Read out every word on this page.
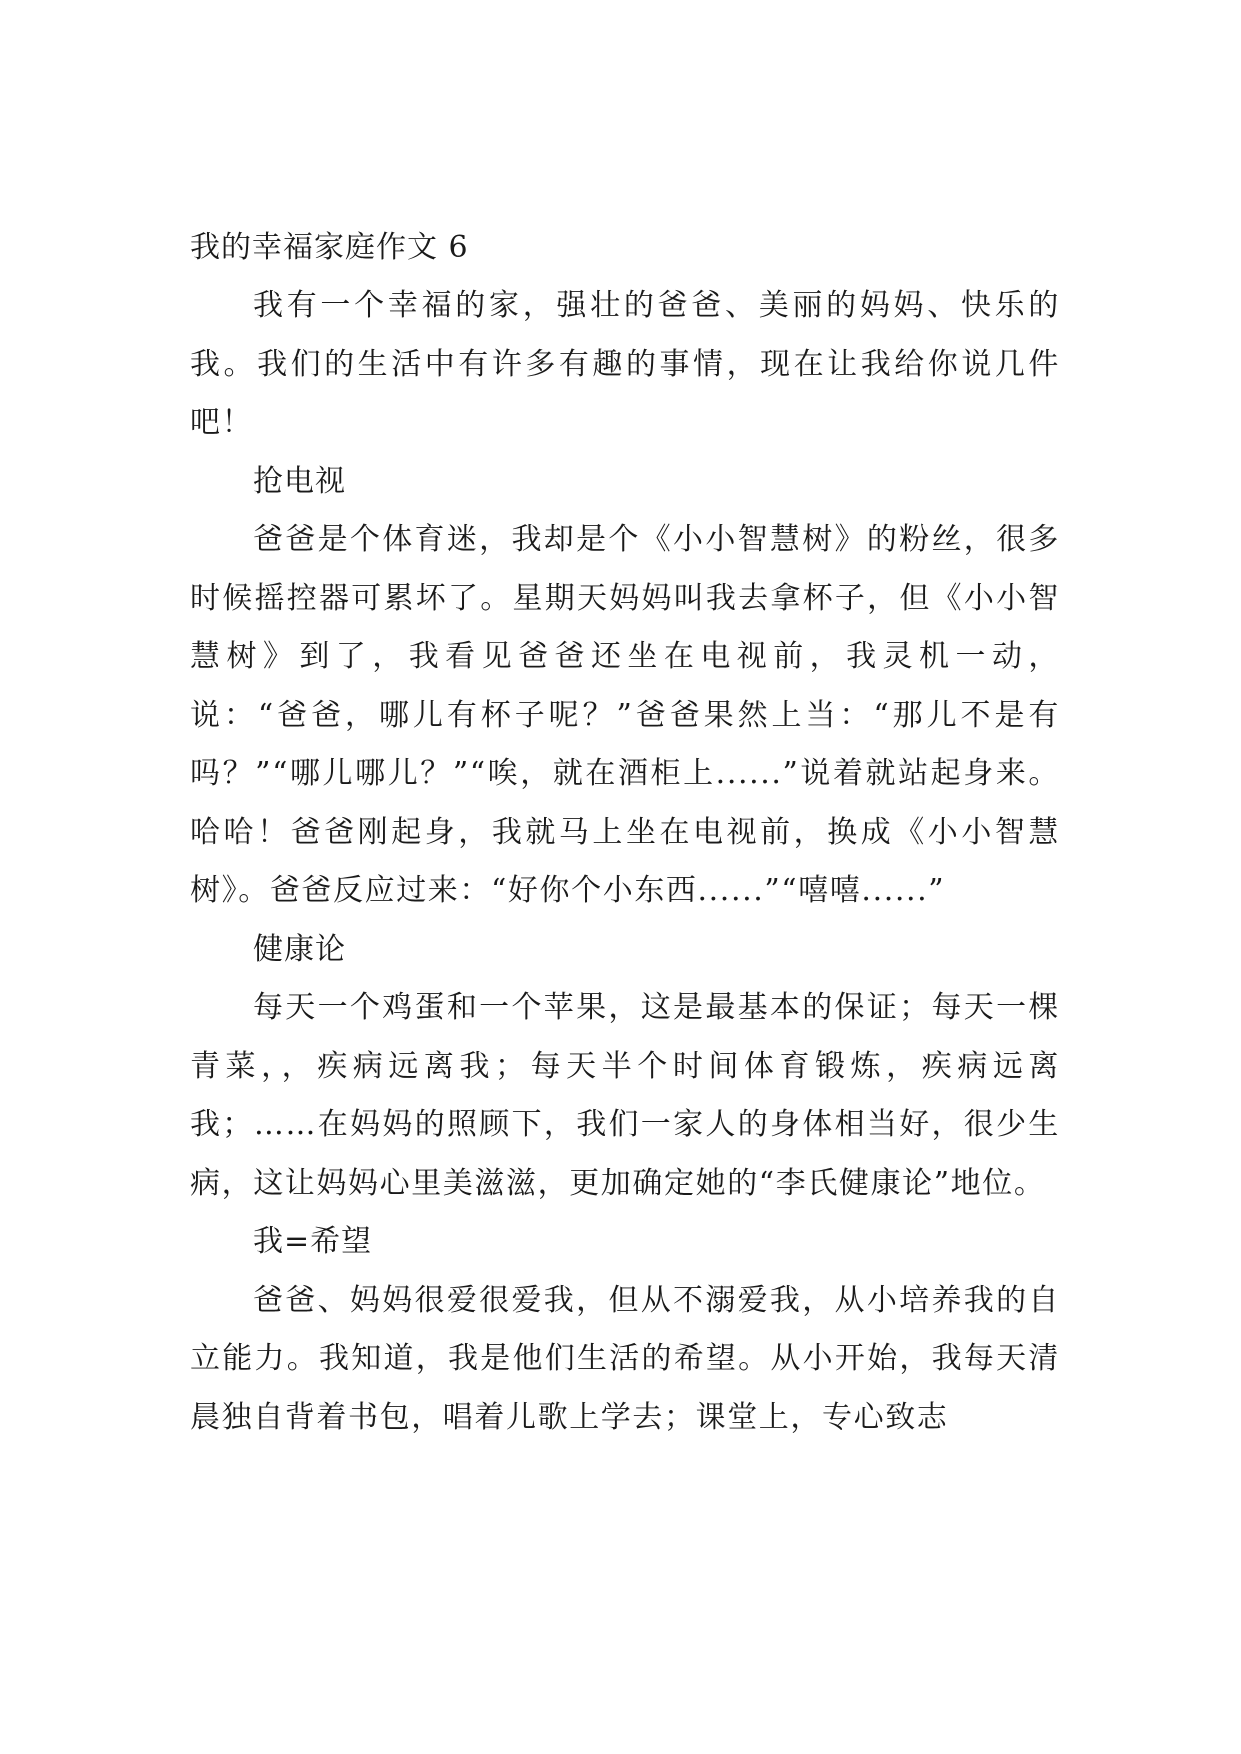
我的幸福家庭作文 6

我有一个幸福的家，强壮的爸爸、美丽的妈妈、快乐的我。我们的生活中有许多有趣的事情，现在让我给你说几件吧！

抢电视

爸爸是个体育迷，我却是个《小小智慧树》的粉丝，很多时候摇控器可累坏了。星期天妈妈叫我去拿杯子，但《小小智慧树》到了，我看见爸爸还坐在电视前，我灵机一动，说：“爸爸，哪儿有杯子呢？”爸爸果然上当：“那儿不是有吗？”“哪儿哪儿？”“唉，就在酒柜上......”说着就站起身来。哈哈！爸爸刚起身，我就马上坐在电视前，换成《小小智慧树》。爸爸反应过来：“好你个小东西......”“嘻嘻......”

健康论

每天一个鸡蛋和一个苹果，这是最基本的保证；每天一棵青菜，，疾病远离我；每天半个时间体育锻炼，疾病远离我；……在妈妈的照顾下，我们一家人的身体相当好，很少生病，这让妈妈心里美滋滋，更加确定她的“李氏健康论”地位。

我=希望

爸爸、妈妈很爱很爱我，但从不溺爱我，从小培养我的自立能力。我知道，我是他们生活的希望。从小开始，我每天清晨独自背着书包，唱着儿歌上学去；课堂上，专心致志
